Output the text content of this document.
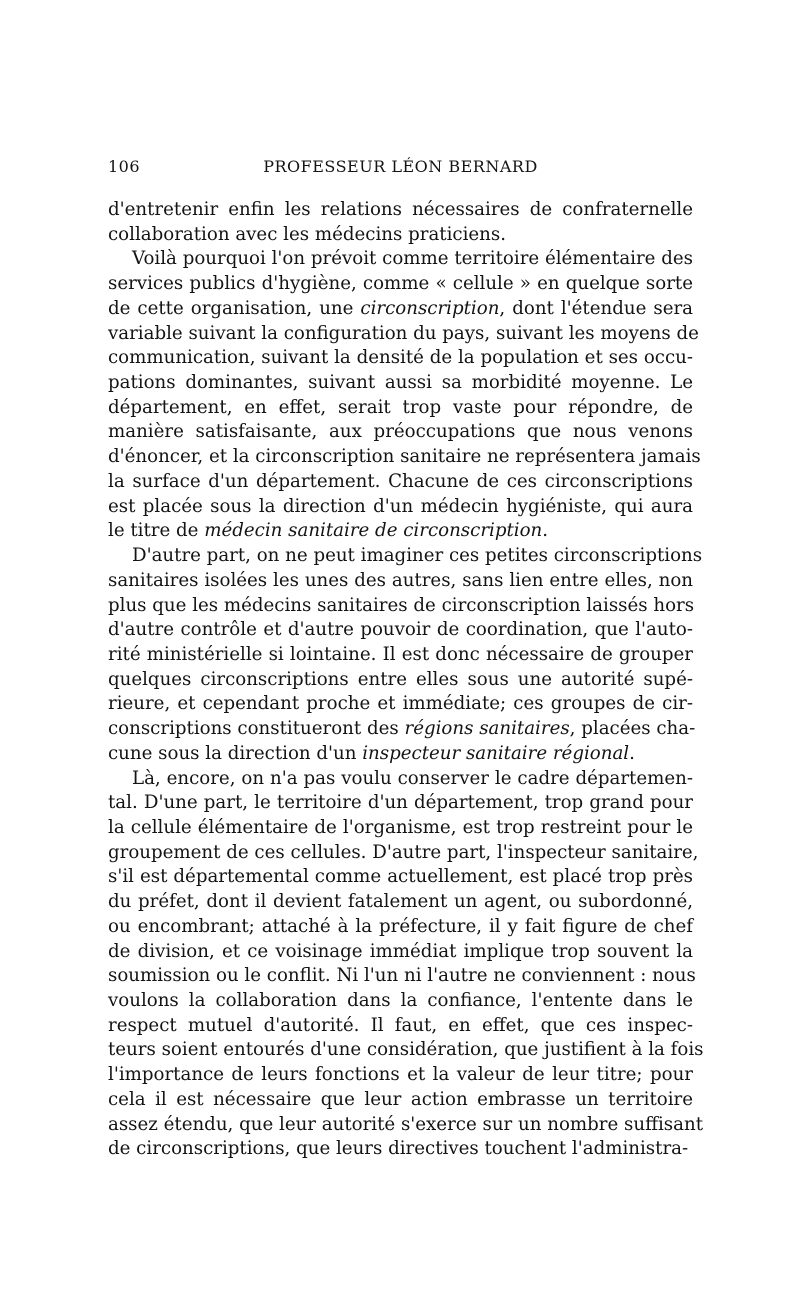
106	PROFESSEUR LÉON BERNARD
d'entretenir enfin les relations nécessaires de confraternelle
collaboration avec les médecins praticiens.
Voilà pourquoi l'on prévoit comme territoire élémentaire des
services publics d'hygiène, comme « cellule » en quelque sorte
de cette organisation, une circonscription, dont l'étendue sera
variable suivant la configuration du pays, suivant les moyens de
communication, suivant la densité de la population et ses occu-
pations dominantes, suivant aussi sa morbidité moyenne. Le
département, en effet, serait trop vaste pour répondre, de
manière satisfaisante, aux préoccupations que nous venons
d'énoncer, et la circonscription sanitaire ne représentera jamais
la surface d'un département. Chacune de ces circonscriptions
est placée sous la direction d'un médecin hygiéniste, qui aura
le titre de médecin sanitaire de circonscription.
D'autre part, on ne peut imaginer ces petites circonscriptions
sanitaires isolées les unes des autres, sans lien entre elles, non
plus que les médecins sanitaires de circonscription laissés hors
d'autre contrôle et d'autre pouvoir de coordination, que l'auto-
rité ministérielle si lointaine. Il est donc nécessaire de grouper
quelques circonscriptions entre elles sous une autorité supé-
rieure, et cependant proche et immédiate; ces groupes de cir-
conscriptions constitueront des régions sanitaires, placées cha-
cune sous la direction d'un inspecteur sanitaire régional.
Là, encore, on n'a pas voulu conserver le cadre départemen-
tal. D'une part, le territoire d'un département, trop grand pour
la cellule élémentaire de l'organisme, est trop restreint pour le
groupement de ces cellules. D'autre part, l'inspecteur sanitaire,
s'il est départemental comme actuellement, est placé trop près
du préfet, dont il devient fatalement un agent, ou subordonné,
ou encombrant; attaché à la préfecture, il y fait figure de chef
de division, et ce voisinage immédiat implique trop souvent la
soumission ou le conflit. Ni l'un ni l'autre ne conviennent : nous
voulons la collaboration dans la confiance, l'entente dans le
respect mutuel d'autorité. Il faut, en effet, que ces inspec-
teurs soient entourés d'une considération, que justifient à la fois
l'importance de leurs fonctions et la valeur de leur titre; pour
cela il est nécessaire que leur action embrasse un territoire
assez étendu, que leur autorité s'exerce sur un nombre suffisant
de circonscriptions, que leurs directives touchent l'administra-
